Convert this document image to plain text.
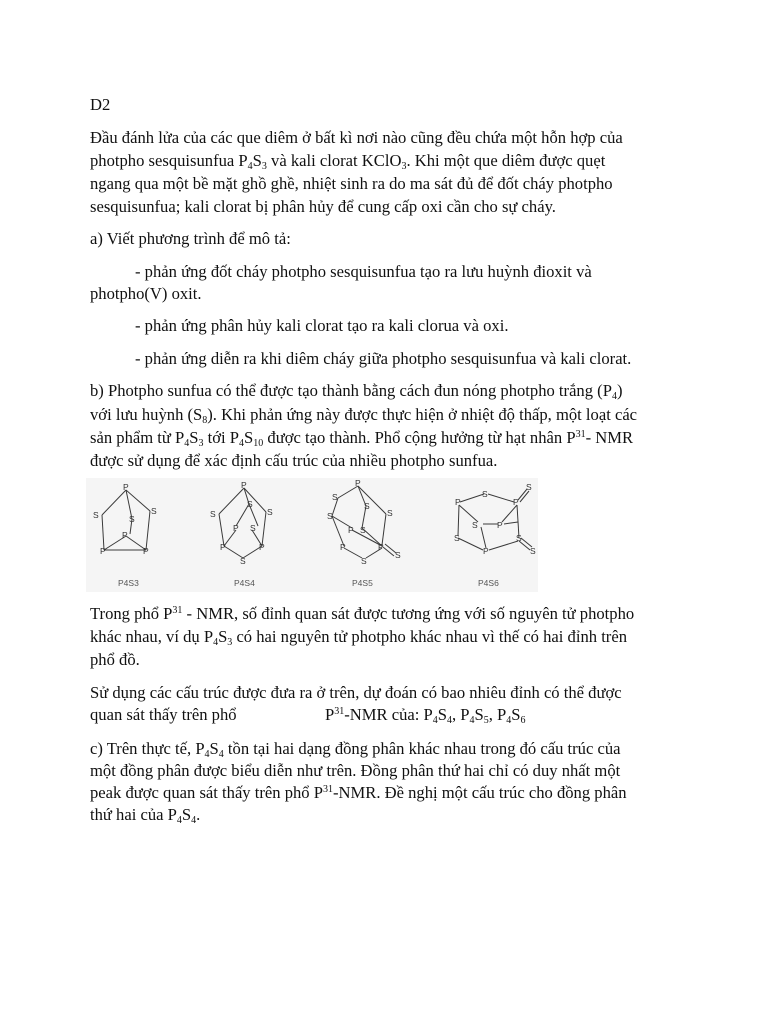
D2
Đầu đánh lửa của các que diêm ở bất kì nơi nào cũng đều chứa một hỗn hợp của
photpho sesquisunfua $P_4S_3$ và kali clorat KClO$_3$. Khi một que diêm được quẹt
ngang qua một bề mặt ghồ ghề, nhiệt sinh ra do ma sát đủ để đốt cháy photpho
sesquisunfua; kali clorat bị phân hủy để cung cấp oxi cần cho sự cháy.
a) Viết phương trình để mô tả:
- phản ứng đốt cháy photpho sesquisunfua tạo ra lưu huỳnh đioxit và
photpho(V) oxit.
- phản ứng phân hủy kali clorat tạo ra kali clorua và oxi.
- phản ứng diễn ra khi diêm cháy giữa photpho sesquisunfua và kali clorat.
b) Photpho sunfua có thể được tạo thành bằng cách đun nóng photpho trắng $(P_4)$
với lưu huỳnh $(S_8)$. Khi phản ứng này được thực hiện ở nhiệt độ thấp, một loạt các
sản phẩm từ $P_4S_3$ tới $P_4S_{10}$ được tạo thành. Phổ cộng hưởng từ hạt nhân $P^{31}-$ NMR
được sử dụng để xác định cấu trúc của nhiều photpho sunfua.
P
S	S
S
P
P	P
P4S3
P
S	S
S
P S
P	P
S
P4S4
P
S
S
S
S
P S
P	P
S
S
P4S5
P
S
P
S
S P
S	S
P	S
P4S6
Trong phổ $P^{31}$ - NMR, số đỉnh quan sát được tương ứng với số nguyên tử photpho
khác nhau, ví dụ $P_4S_3$ có hai nguyên tử photpho khác nhau vì thế có hai đỉnh trên
phổ đồ.
Sử dụng các cấu trúc được đưa ra ở trên, dự đoán có bao nhiêu đỉnh có thể được
quan sát thấy trên phổ	$P^{31}$-NMR của: $P_4S_4$, $P_4S_5$, $P_4S_6$
c) Trên thực tế, $P_4S_4$ tồn tại hai dạng đồng phân khác nhau trong đó cấu trúc của
một đồng phân được biểu diễn như trên. Đồng phân thứ hai chỉ có duy nhất một
peak được quan sát thấy trên phổ $P^{31}$-NMR. Đề nghị một cấu trúc cho đồng phân
thứ hai của $P_4S_4$.
